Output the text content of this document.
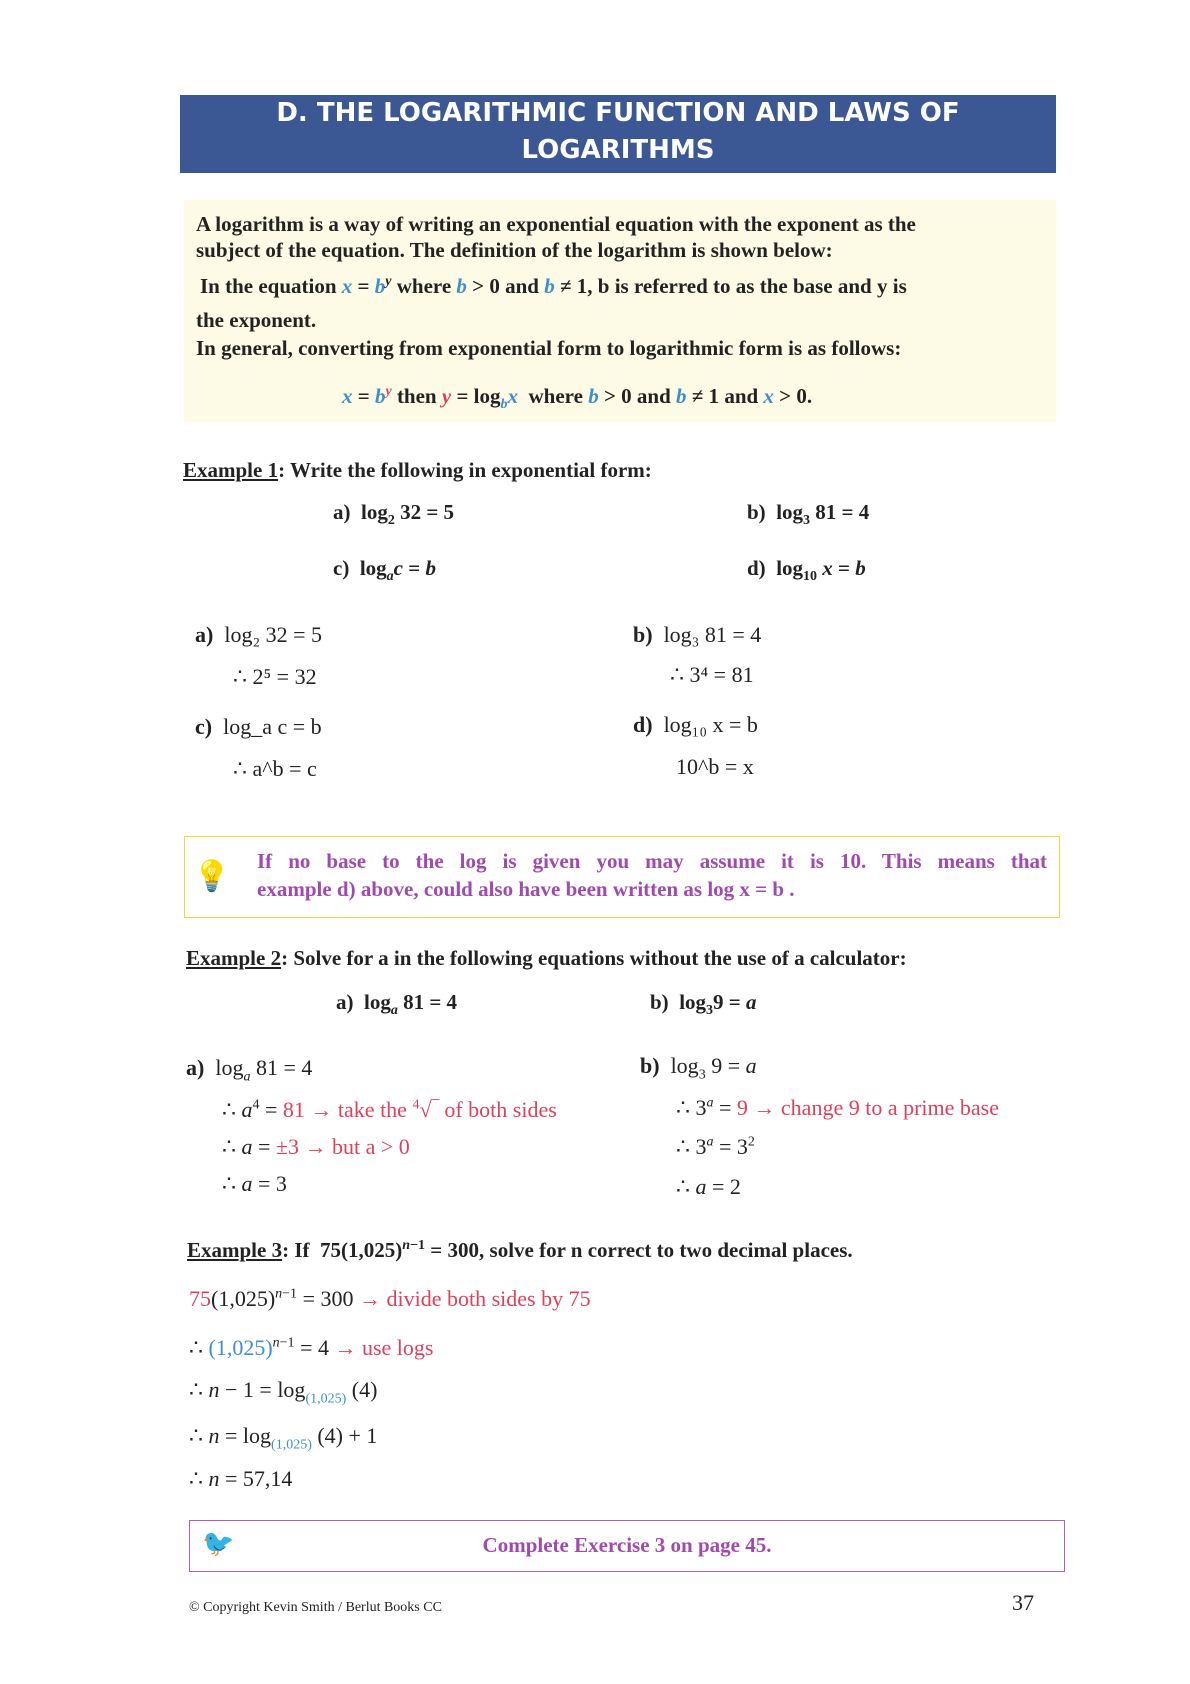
D. THE LOGARITHMIC FUNCTION AND LAWS OF
LOGARITHMS
A logarithm is a way of writing an exponential equation with the exponent as the
subject of the equation. The definition of the logarithm is shown below:
In the equation $x = b^y$ where b > 0 and b ≠ 1, b is referred to as the base and y is
the exponent.
In general, converting from exponential form to logarithmic form is as follows:
$x = b^y$ then $y = \log_bx$ where b > 0 and b ≠ 1 and x > 0.
Example 1: Write the following in exponential form:
a)  $\log_2 32 = 5$	b)  $\log_3 81 = 4$
c)  $\log_ac = b$	d)  $\log_{10} x = b$
a) log₂ 32 = 5
∴ 2⁵ = 32
b) log₃ 81 = 4
∴ 3⁴ = 81
c) log_a c = b
∴ a^b = c
d) log₁₀ x = b
10^b = x
💡 If no base to the log is given you may assume it is 10. This means that
example d) above, could also have been written as log x = b .
Example 2: Solve for a in the following equations without the use of a calculator:
a)  $\log_a 81 = 4$	b)  $\log_39 = a$
a)  $\log_a 81 = 4$
∴ $a^4 = 81$ → take the $^4$√‾ of both sides
∴ a = ±3 → but a > 0
∴ a = 3
b)  $\log_3 9 = a$
∴ $3^a = 9$ → change 9 to a prime base
∴ $3^a = 3^2$
∴ a = 2
Example 3: If  $75(1,025)^{n-1} = 300$, solve for n correct to two decimal places.
$75(1,025)^{n-1} = 300$ → divide both sides by 75
∴ $(1,025)^{n-1} = 4$ → use logs
∴ $n - 1 = \log_{(1,025)} (4)$
∴ $n = \log_{(1,025)} (4) + 1$
∴ n = 57,14
🐦	Complete Exercise 3 on page 45.
© Copyright Kevin Smith / Berlut Books CC	37
